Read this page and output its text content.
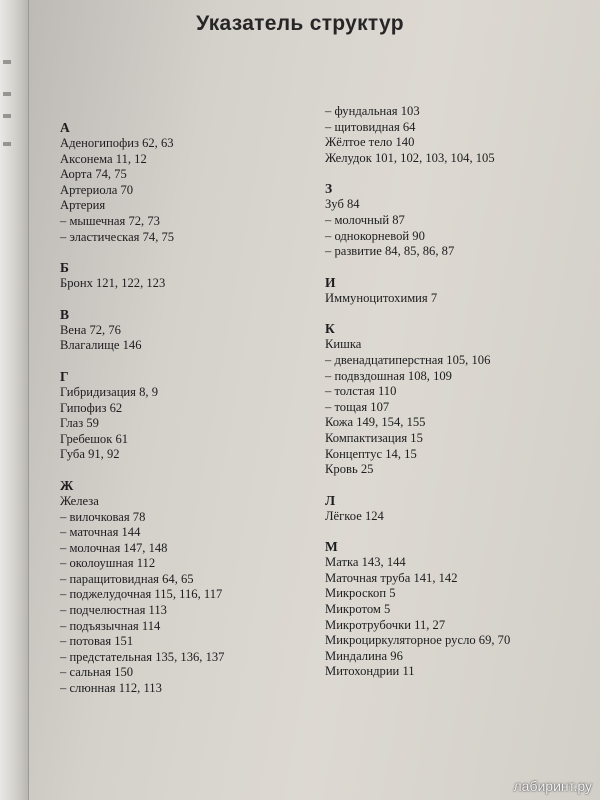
Указатель структур
А
Аденогипофиз 62, 63
Аксонема 11, 12
Аорта 74, 75
Артериола 70
Артерия
– мышечная 72, 73
– эластическая 74, 75
Б
Бронх 121, 122, 123
В
Вена 72, 76
Влагалище 146
Г
Гибридизация 8, 9
Гипофиз 62
Глаз 59
Гребешок 61
Губа 91, 92
Ж
Железа
– вилочковая 78
– маточная 144
– молочная 147, 148
– околоушная 112
– паращитовидная 64, 65
– поджелудочная 115, 116, 117
– подчелюстная 113
– подъязычная 114
– потовая 151
– предстательная 135, 136, 137
– сальная 150
– слюнная 112, 113
– фундальная 103
– щитовидная 64
Жёлтое тело 140
Желудок 101, 102, 103, 104, 105
З
Зуб 84
– молочный 87
– однокорневой 90
– развитие 84, 85, 86, 87
И
Иммуноцитохимия 7
К
Кишка
– двенадцатиперстная 105, 106
– подвздошная 108, 109
– толстая 110
– тощая 107
Кожа 149, 154, 155
Компактизация 15
Концептус 14, 15
Кровь 25
Л
Лёгкое 124
М
Матка 143, 144
Маточная труба 141, 142
Микроскоп 5
Микротом 5
Микротрубочки 11, 27
Микроциркуляторное русло 69, 70
Миндалина 96
Митохондрии 11
лабиринт.ру
